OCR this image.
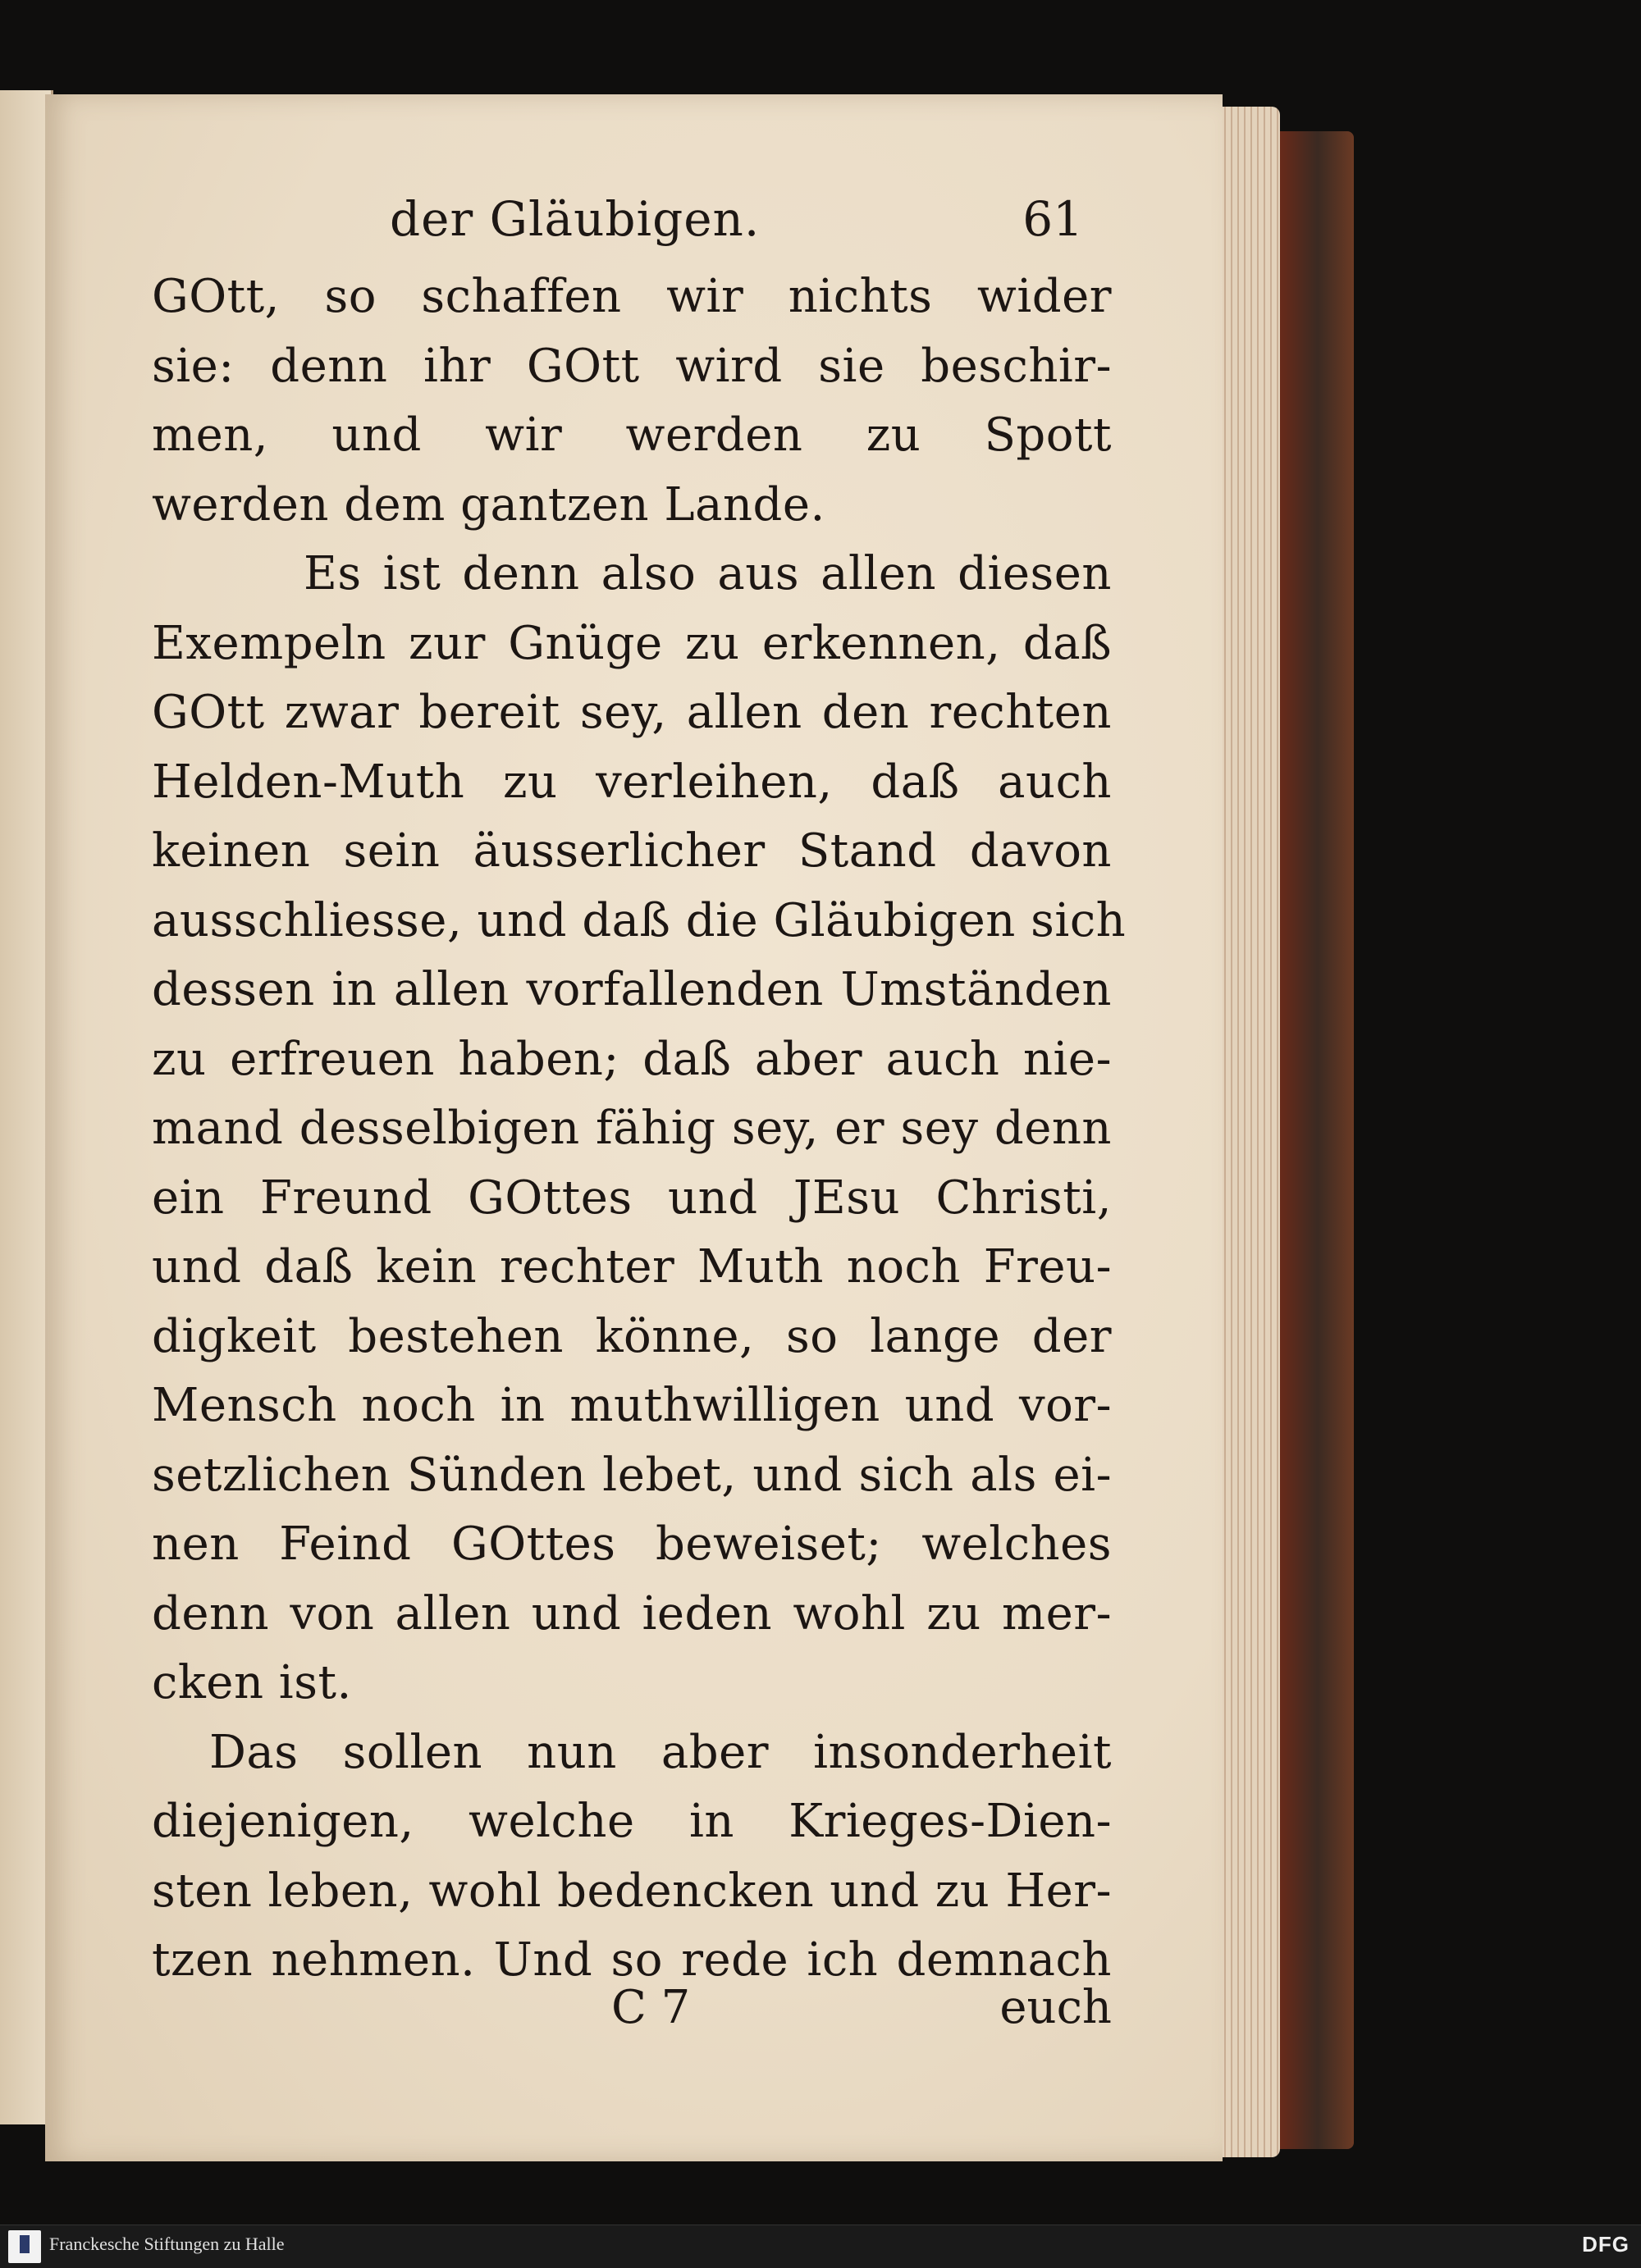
der Gläubigen.	61
GOtt, so schaffen wir nichts wider
sie: denn ihr GOtt wird sie beschir-
men, und wir werden zu Spott
werden dem gantzen Lande.
Es ist denn also aus allen diesen
Exempeln zur Gnüge zu erkennen, daß
GOtt zwar bereit sey, allen den rechten
Helden-Muth zu verleihen, daß auch
keinen sein äusserlicher Stand davon
ausschliesse, und daß die Gläubigen sich
dessen in allen vorfallenden Umständen
zu erfreuen haben; daß aber auch nie-
mand desselbigen fähig sey, er sey denn
ein Freund GOttes und JEsu Christi,
und daß kein rechter Muth noch Freu-
digkeit bestehen könne, so lange der
Mensch noch in muthwilligen und vor-
setzlichen Sünden lebet, und sich als ei-
nen Feind GOttes beweiset; welches
denn von allen und ieden wohl zu mer-
cken ist.
Das sollen nun aber insonderheit
diejenigen, welche in Krieges-Dien-
sten leben, wohl bedencken und zu Her-
tzen nehmen. Und so rede ich demnach
C 7	euch
Franckesche Stiftungen zu Halle	DFG
